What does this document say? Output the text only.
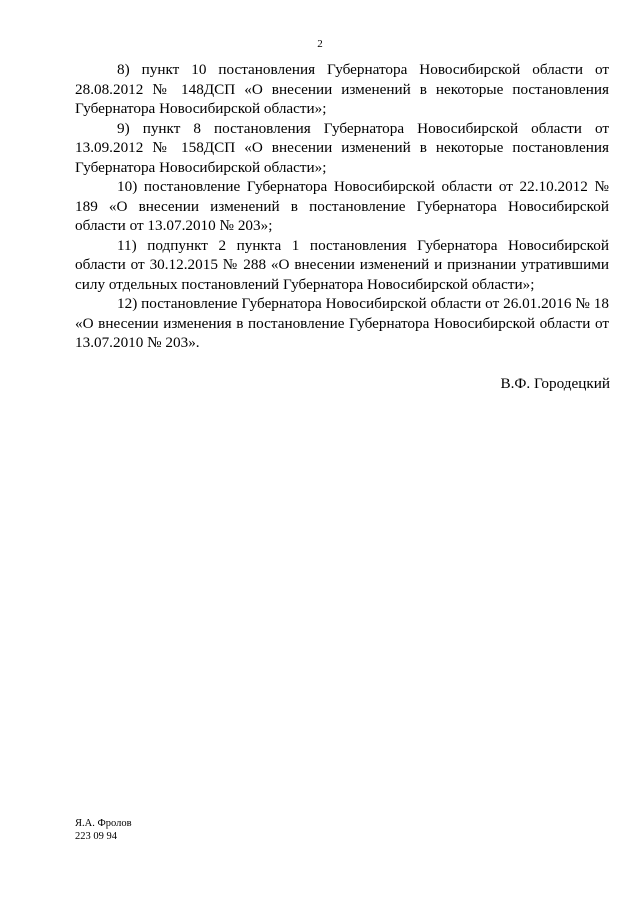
2

8) пункт 10 постановления Губернатора Новосибирской области от 28.08.2012 № 148ДСП «О внесении изменений в некоторые постановления Губернатора Новосибирской области»;

9) пункт 8 постановления Губернатора Новосибирской области от 13.09.2012 № 158ДСП «О внесении изменений в некоторые постановления Губернатора Новосибирской области»;

10) постановление Губернатора Новосибирской области от 22.10.2012 № 189 «О внесении изменений в постановление Губернатора Новосибирской области от 13.07.2010 № 203»;

11) подпункт 2 пункта 1 постановления Губернатора Новосибирской области от 30.12.2015 № 288 «О внесении изменений и признании утратившими силу отдельных постановлений Губернатора Новосибирской области»;

12) постановление Губернатора Новосибирской области от 26.01.2016 № 18 «О внесении изменения в постановление Губернатора Новосибирской области от 13.07.2010 № 203».

В.Ф. Городецкий
Я.А. Фролов
223 09 94
